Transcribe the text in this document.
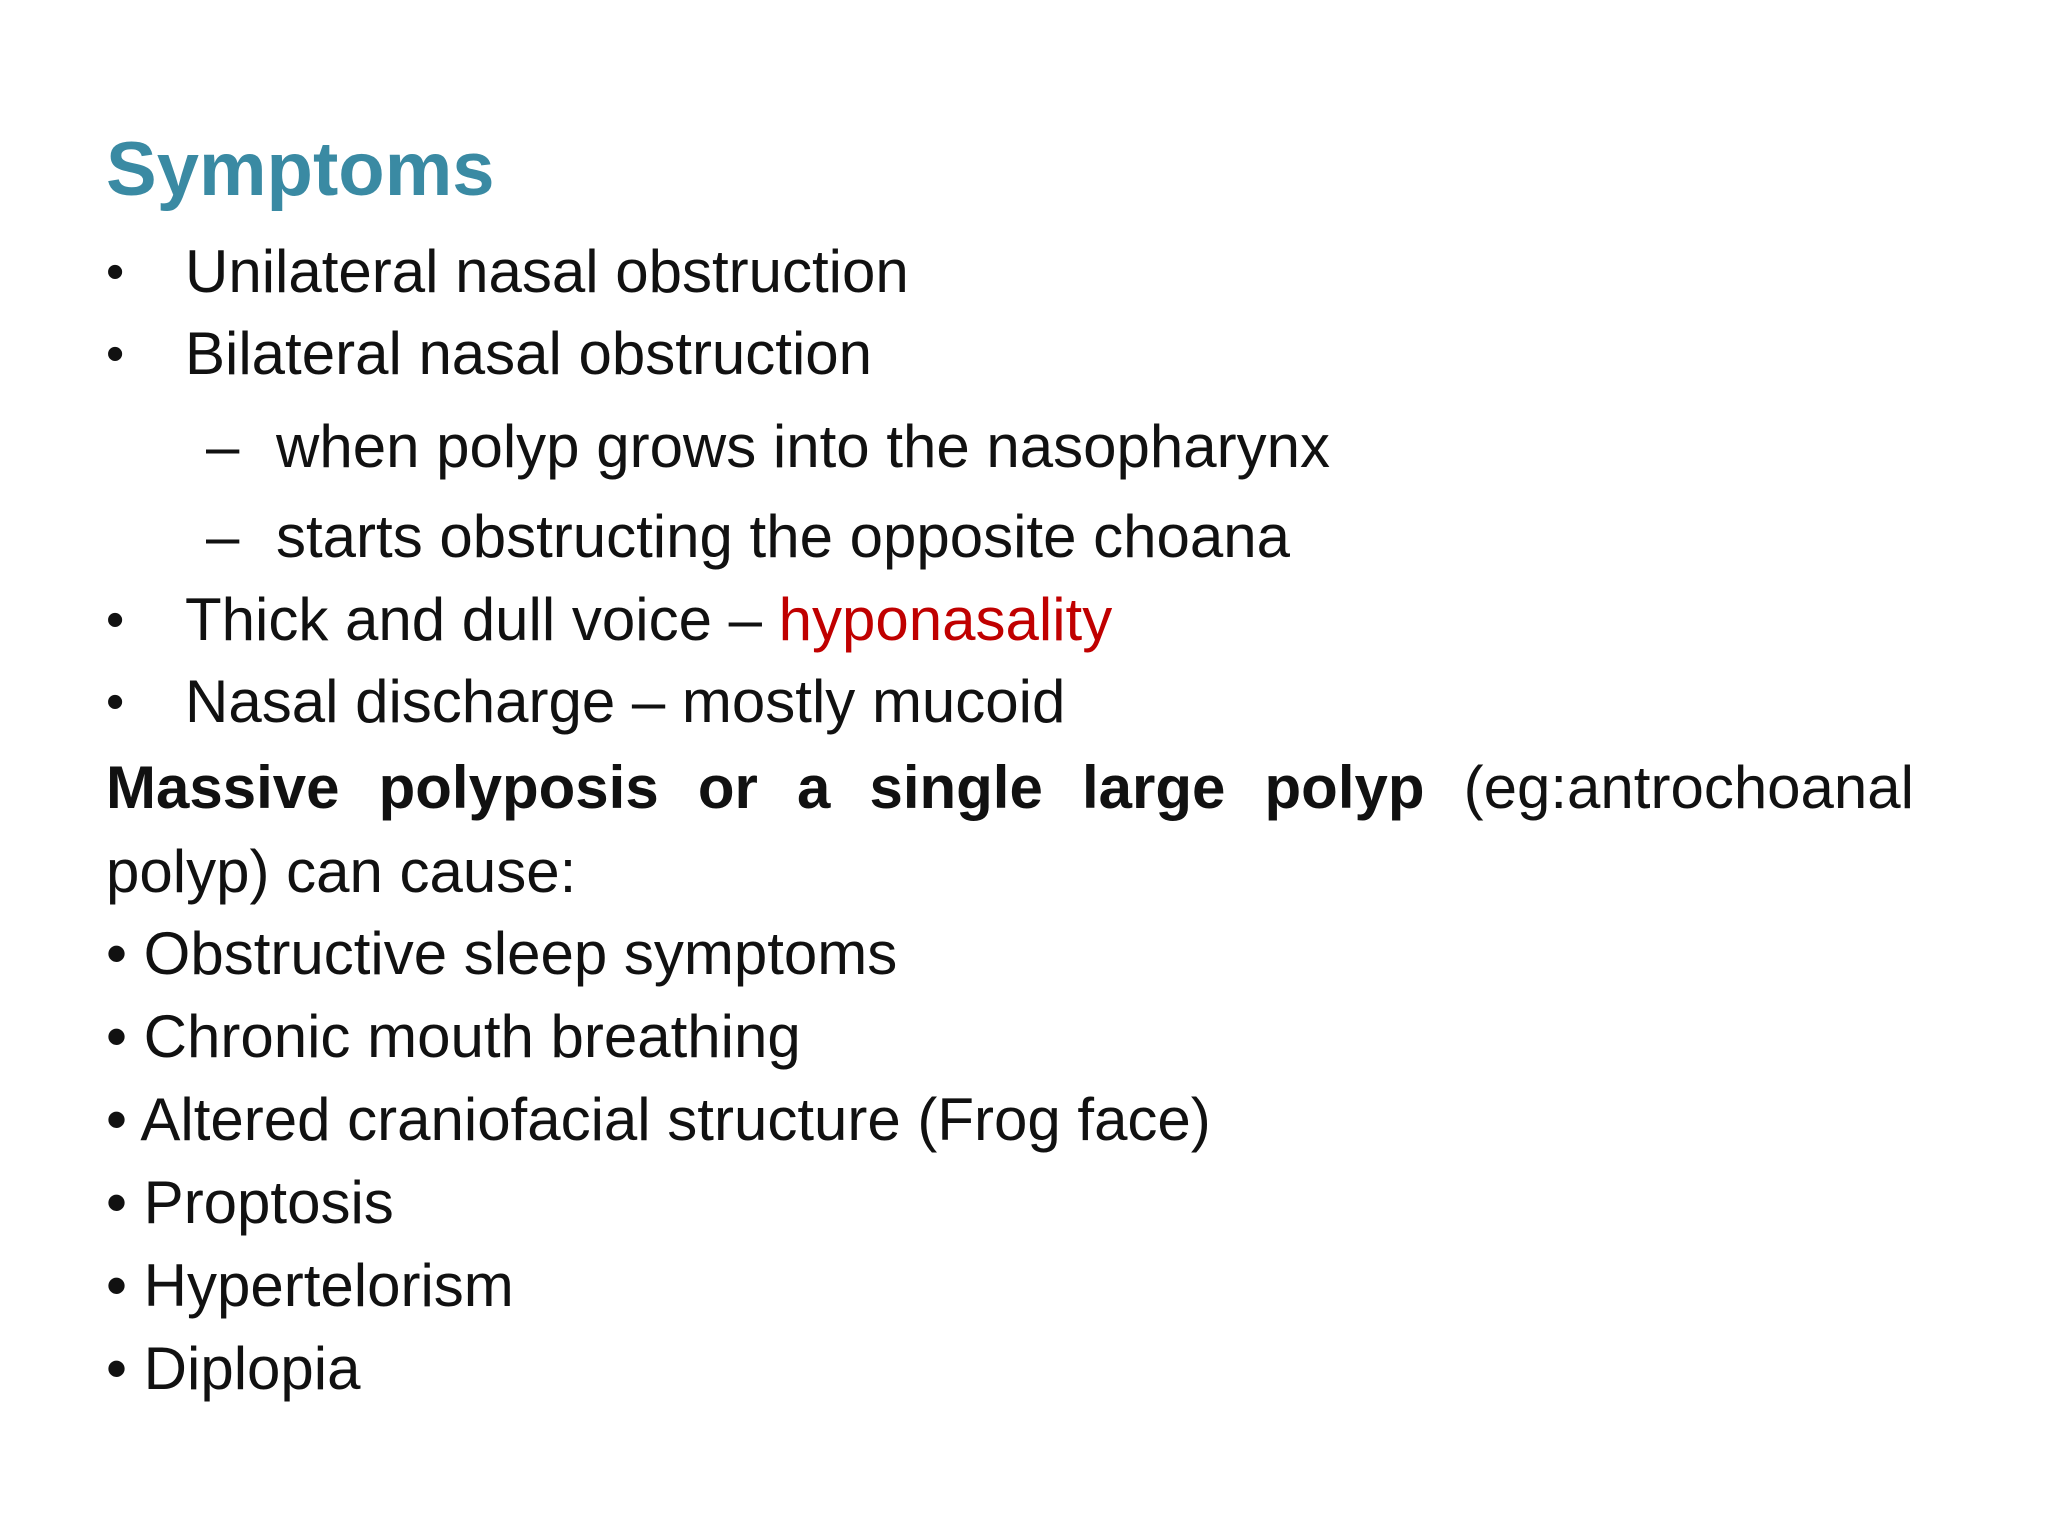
Symptoms
• Unilateral nasal obstruction
• Bilateral nasal obstruction
– when polyp grows into the nasopharynx
– starts obstructing the opposite choana
• Thick and dull voice – hyponasality
• Nasal discharge – mostly mucoid
Massive polyposis or a single large polyp (eg:antrochoanal polyp) can cause:
• Obstructive sleep symptoms
• Chronic mouth breathing
• Altered craniofacial structure (Frog face)
• Proptosis
• Hypertelorism
• Diplopia
